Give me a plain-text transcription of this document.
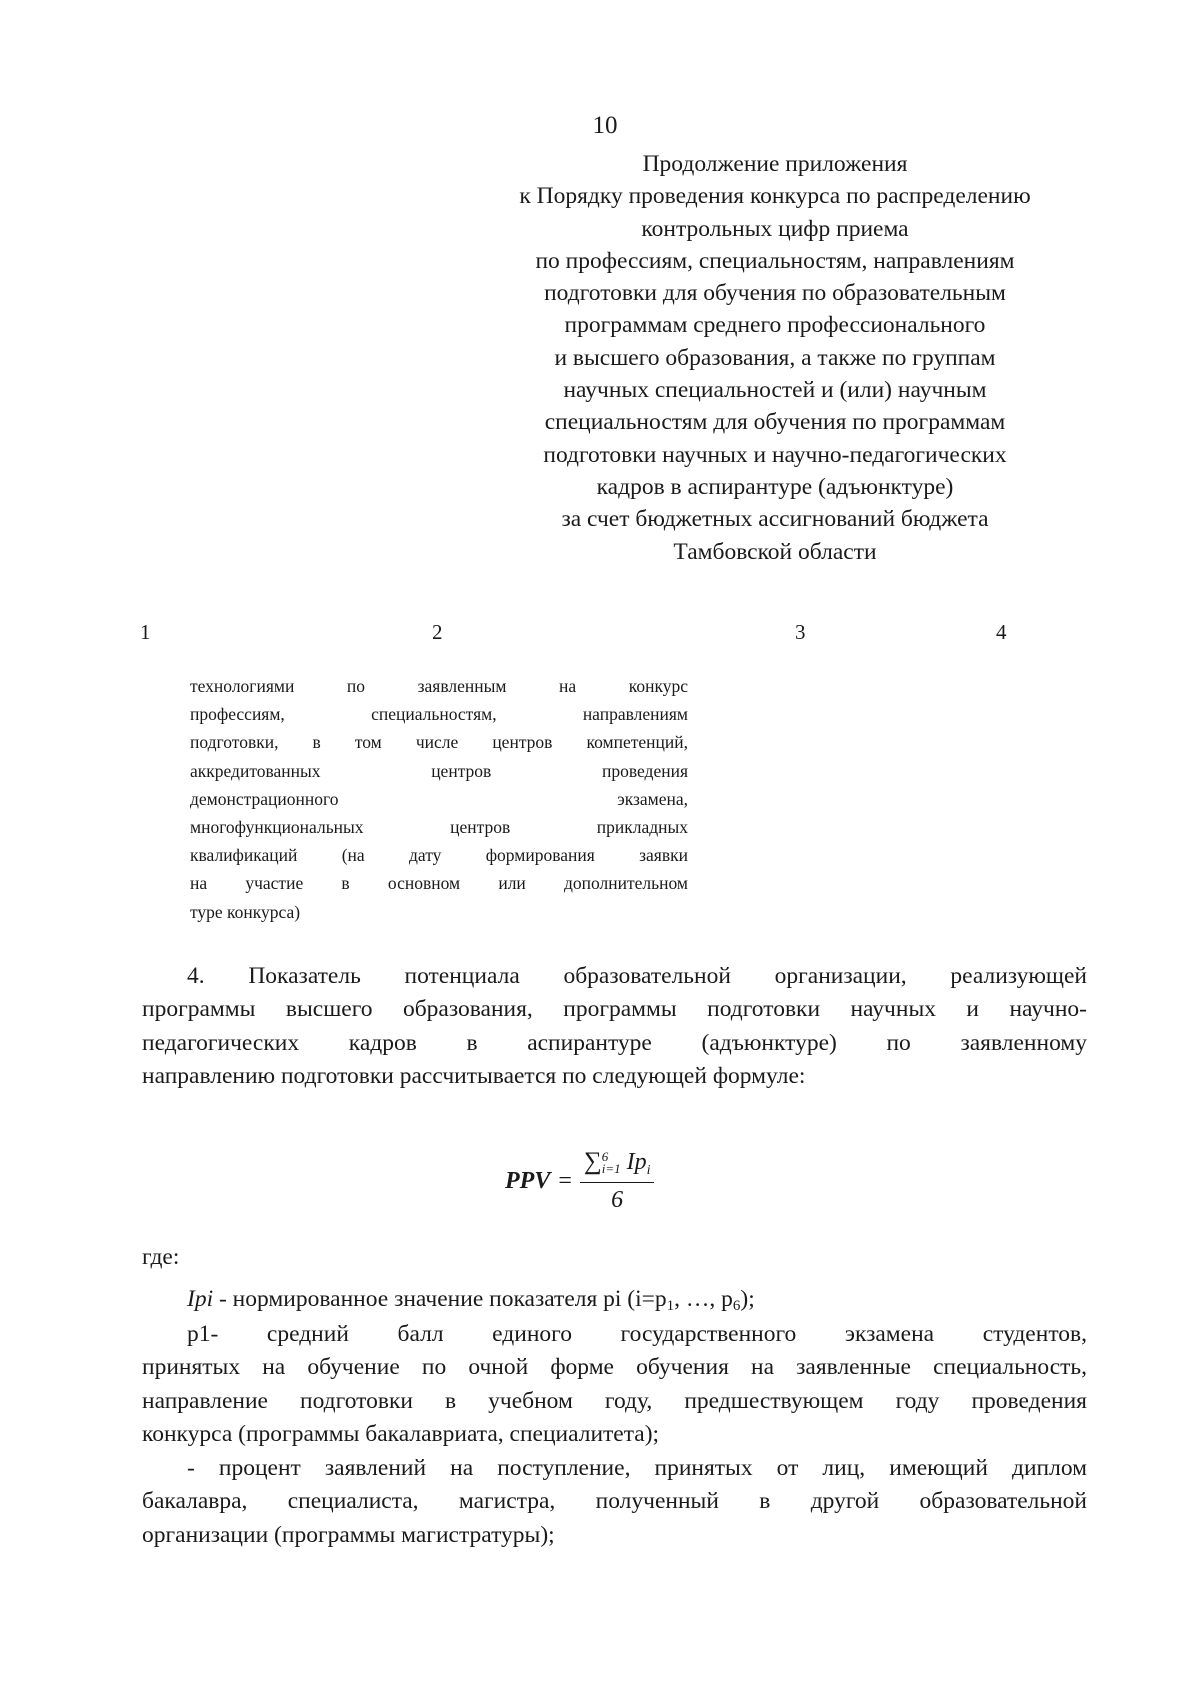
10
Продолжение приложения
к Порядку проведения конкурса по распределению
контрольных цифр приема
по профессиям, специальностям, направлениям
подготовки для обучения по образовательным
программам среднего профессионального
и высшего образования, а также по группам
научных специальностей и (или) научным
специальностям для обучения по программам
подготовки научных и научно-педагогических
кадров в аспирантуре (адъюнктуре)
за счет бюджетных ассигнований бюджета
Тамбовской области
1	2	3	4
технологиями по заявленным на конкурс
профессиям, специальностям, направлениям
подготовки, в том числе центров компетенций,
аккредитованных центров проведения
демонстрационного	экзамена,
многофункциональных центров прикладных
квалификаций (на дату формирования заявки
на участие в основном или дополнительном
туре конкурса)
4. Показатель потенциала образовательной организации, реализующей
программы высшего образования, программы подготовки научных и научно-
педагогических кадров в аспирантуре (адъюнктуре) по заявленному
направлению подготовки рассчитывается по следующей формуле:
PPV = ∑ 6
i=1 $Ip_i$
6
где:
Ipi - нормированное значение показателя pi (i=p1, …, p6);
p1- средний балл единого государственного экзамена студентов,
принятых на обучение по очной форме обучения на заявленные специальность,
направление подготовки в учебном году, предшествующем году проведения
конкурса (программы бакалавриата, специалитета);
- процент заявлений на поступление, принятых от лиц, имеющий диплом
бакалавра, специалиста, магистра, полученный в другой образовательной
организации (программы магистратуры);
